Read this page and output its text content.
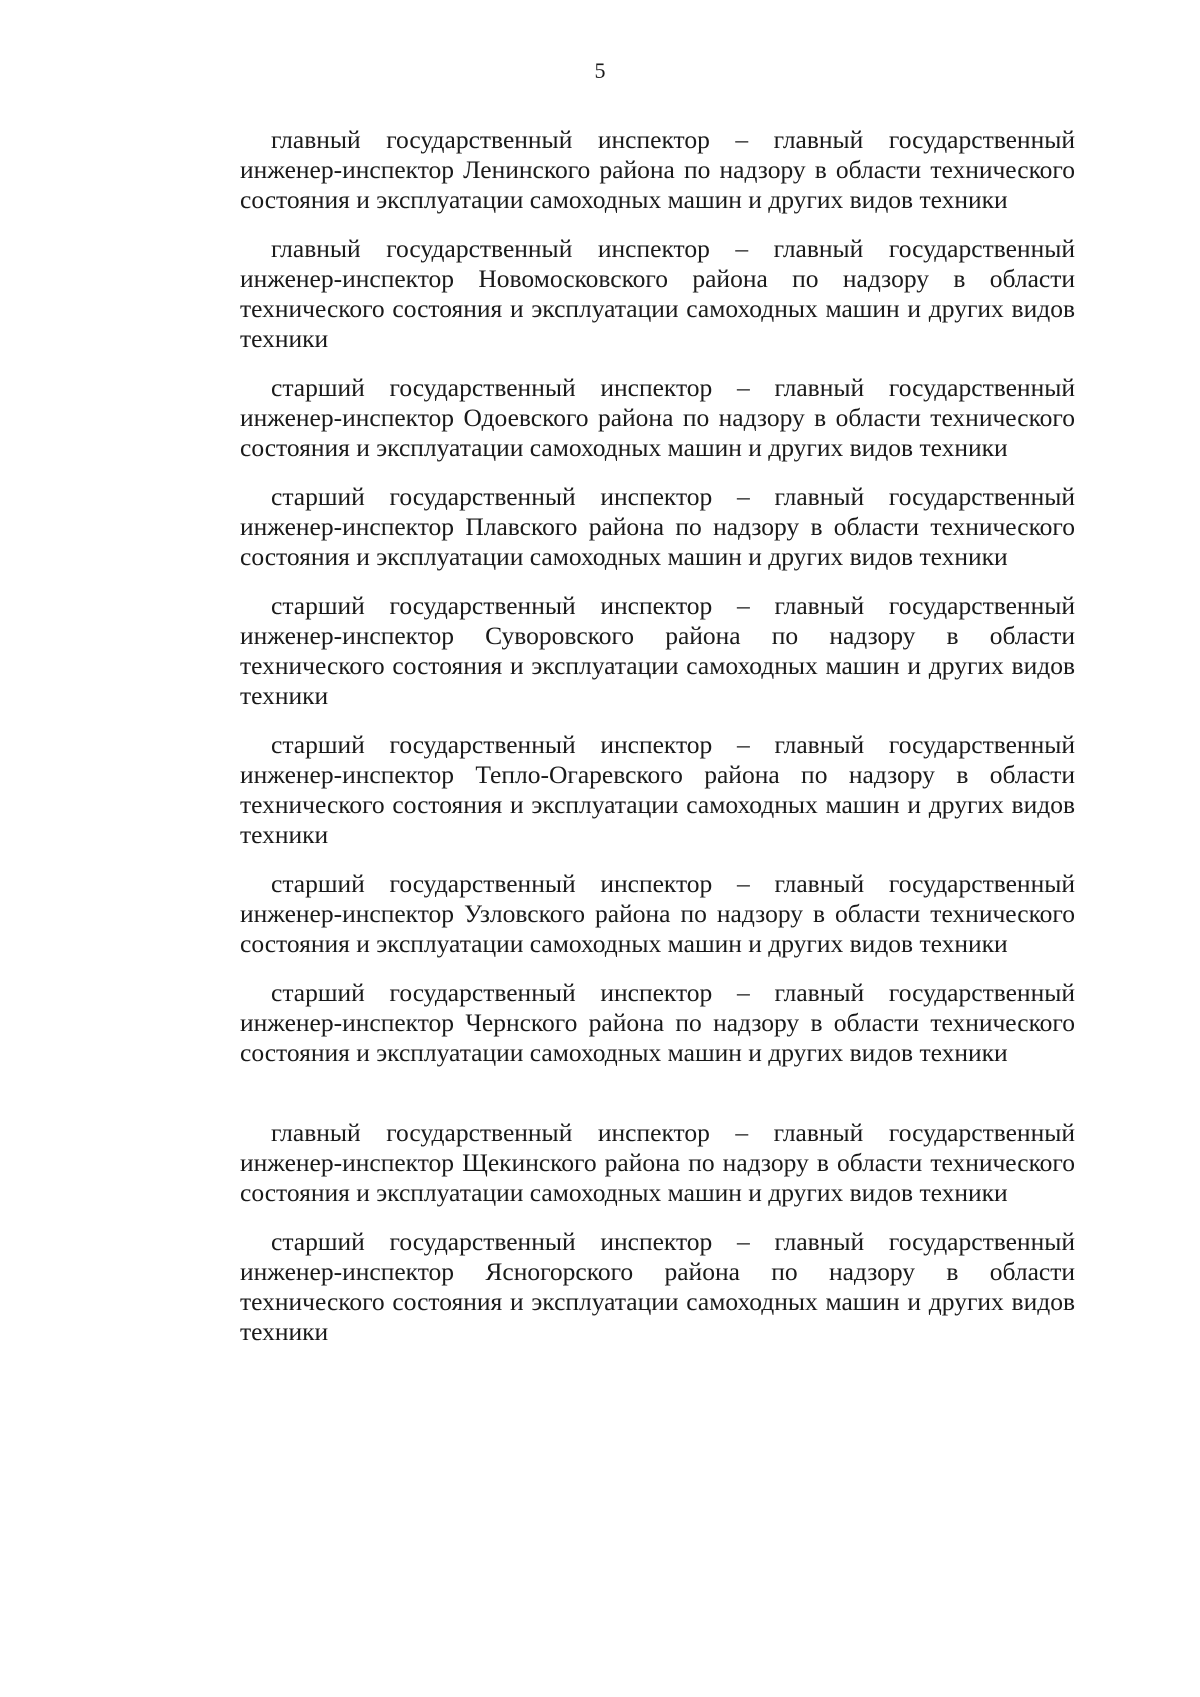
5

главный государственный инспектор – главный государственный инженер-инспектор Ленинского района по надзору в области технического состояния и эксплуатации самоходных машин и других видов техники

главный государственный инспектор – главный государственный инженер-инспектор Новомосковского района по надзору в области технического состояния и эксплуатации самоходных машин и других видов техники

старший государственный инспектор – главный государственный инженер-инспектор Одоевского района по надзору в области технического состояния и эксплуатации самоходных машин и других видов техники

старший государственный инспектор – главный государственный инженер-инспектор Плавского района по надзору в области технического состояния и эксплуатации самоходных машин и других видов техники

старший государственный инспектор – главный государственный инженер-инспектор Суворовского района по надзору в области технического состояния и эксплуатации самоходных машин и других видов техники

старший государственный инспектор – главный государственный инженер-инспектор Тепло-Огаревского района по надзору в области технического состояния и эксплуатации самоходных машин и других видов техники

старший государственный инспектор – главный государственный инженер-инспектор Узловского района по надзору в области технического состояния и эксплуатации самоходных машин и других видов техники

старший государственный инспектор – главный государственный инженер-инспектор Чернского района по надзору в области технического состояния и эксплуатации самоходных машин и других видов техники

главный государственный инспектор – главный государственный инженер-инспектор Щекинского района по надзору в области технического состояния и эксплуатации самоходных машин и других видов техники

старший государственный инспектор – главный государственный инженер-инспектор Ясногорского района по надзору в области технического состояния и эксплуатации самоходных машин и других видов техники
